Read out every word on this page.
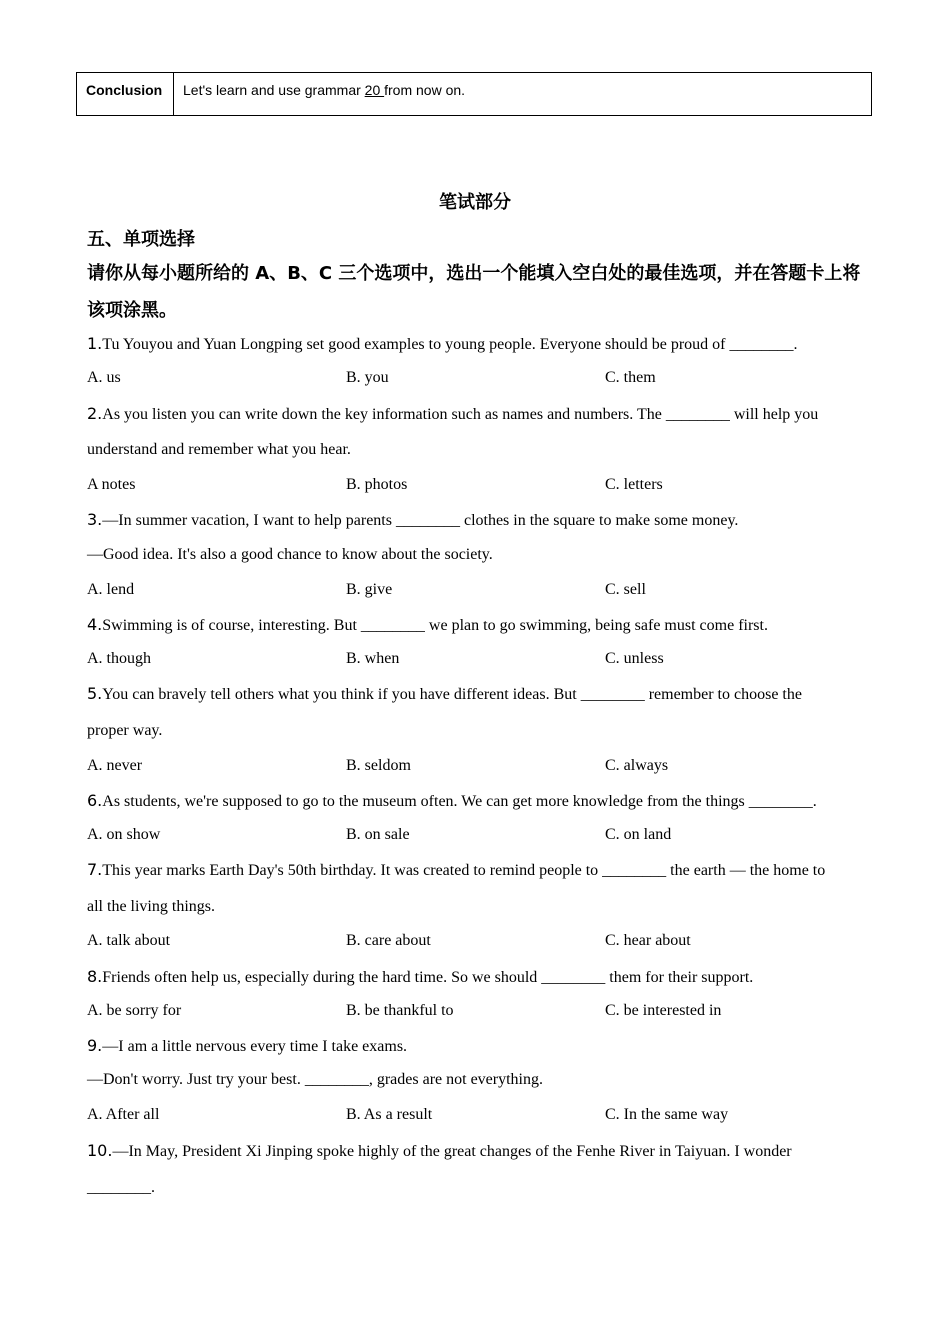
Conclusion	Let's learn and use grammar 20 from now on.
笔试部分
五、单项选择
请你从每小题所给的 A、B、C 三个选项中，选出一个能填入空白处的最佳选项，并在答题卡上将该项涂黑。
1.Tu Youyou and Yuan Longping set good examples to young people. Everyone should be proud of ________.
A. us	B. you	C. them
2.As you listen you can write down the key information such as names and numbers. The ________ will help you
understand and remember what you hear.
A notes	B. photos	C. letters
3.—In summer vacation, I want to help parents ________ clothes in the square to make some money.
—Good idea. It's also a good chance to know about the society.
A. lend	B. give	C. sell
4.Swimming is of course, interesting. But ________ we plan to go swimming, being safe must come first.
A. though	B. when	C. unless
5.You can bravely tell others what you think if you have different ideas. But ________ remember to choose the
proper way.
A. never	B. seldom	C. always
6.As students, we're supposed to go to the museum often. We can get more knowledge from the things ________.
A. on show	B. on sale	C. on land
7.This year marks Earth Day's 50th birthday. It was created to remind people to ________ the earth — the home to
all the living things.
A. talk about	B. care about	C. hear about
8.Friends often help us, especially during the hard time. So we should ________ them for their support.
A. be sorry for	B. be thankful to	C. be interested in
9.—I am a little nervous every time I take exams.
—Don't worry. Just try your best. ________, grades are not everything.
A. After all	B. As a result	C. In the same way
10.—In May, President Xi Jinping spoke highly of the great changes of the Fenhe River in Taiyuan. I wonder
________.
